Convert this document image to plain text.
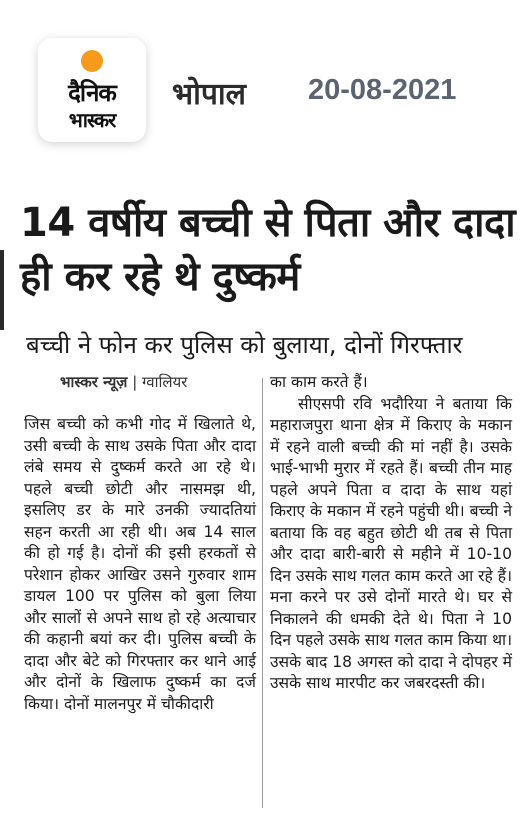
दैनिक
भास्कर
भोपाल 20-08-2021
14 वर्षीय बच्ची से पिता और दादा ही कर रहे थे दुष्कर्म
बच्ची ने फोन कर पुलिस को बुलाया, दोनों गिरफ्तार
भास्कर न्यूज़ | ग्वालियर
जिस बच्ची को कभी गोद में खिलाते थे, उसी बच्ची के साथ उसके पिता और दादा लंबे समय से दुष्कर्म करते आ रहे थे। पहले बच्ची छोटी और नासमझ थी, इसलिए डर के मारे उनकी ज्यादतियां सहन करती आ रही थी। अब 14 साल की हो गई है। दोनों की इसी हरकतों से परेशान होकर आखिर उसने गुरुवार शाम डायल 100 पर पुलिस को बुला लिया और सालों से अपने साथ हो रहे अत्याचार की कहानी बयां कर दी। पुलिस बच्ची के दादा और बेटे को गिरफ्तार कर थाने आई और दोनों के खिलाफ दुष्कर्म का दर्ज किया। दोनों मालनपुर में चौकीदारी
का काम करते हैं।
सीएसपी रवि भदौरिया ने बताया कि महाराजपुरा थाना क्षेत्र में किराए के मकान में रहने वाली बच्ची की मां नहीं है। उसके भाई-भाभी मुरार में रहते हैं। बच्ची तीन माह पहले अपने पिता व दादा के साथ यहां किराए के मकान में रहने पहुंची थी। बच्ची ने बताया कि वह बहुत छोटी थी तब से पिता और दादा बारी-बारी से महीने में 10-10 दिन उसके साथ गलत काम करते आ रहे हैं। मना करने पर उसे दोनों मारते थे। घर से निकालने की धमकी देते थे। पिता ने 10 दिन पहले उसके साथ गलत काम किया था। उसके बाद 18 अगस्त को दादा ने दोपहर में उसके साथ मारपीट कर जबरदस्ती की।
